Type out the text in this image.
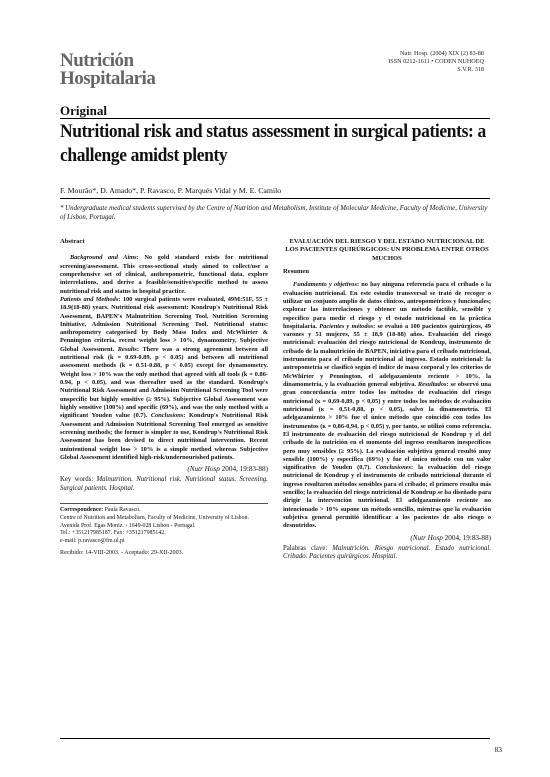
Nutrición
Hospitalaria
Nutr. Hosp. (2004) XIX (2) 83-88
ISSN 0212-1611 • CODEN NUHOEQ
S.V.R. 318
Original
Nutritional risk and status assessment in surgical patients: a challenge amidst plenty
F. Mourão*, D. Amado*, P. Ravasco, P. Marqués Vidal y M. E. Camilo
* Undergraduate medical students supervised by the Centre of Nutrition and Metabolism, Institute of Molecular Medicine, Faculty of Medicine, University of Lisbon, Portugal.

Abstract

Background and Aims: No gold standard exists for nutritional screening/assessment. This cross-sectional study aimed to collect/use a comprehensive set of clinical, anthropometric, functional data, explore interrelations, and derive a feasible/sensitive/specific method to assess nutritional risk and status in hospital practice.

Patients and Methods: 100 surgical patients were evaluated, 49M:51F, 55 ± 18.9(18-88) years. Nutritional risk assessment: Kondrup's Nutritional Risk Assessment, BAPEN's Malnutrition Screening Tool, Nutrition Screening Initiative, Admission Nutritional Screening Tool. Nutritional status: anthropometry categorised by Body Mass Index and McWhirter & Pennington criteria, recent weight loss > 10%, dynamometry, Subjective Global Assessment. Results: There was a strong agreement between all nutritional risk (k = 0.69-0.89, p < 0.05) and between all nutritional assessment methods (k = 0.51-0.88, p < 0.05) except for dynamometry. Weight loss > 10% was the only method that agreed with all tools (k = 0.86-0.94, p < 0.05), and was thereafter used as the standard. Kondrup's Nutritional Risk Assessment and Admission Nutritional Screening Tool were unspecific but highly sensitive (≥ 95%). Subjective Global Assessment was highly sensitive (100%) and specific (69%), and was the only method with a significant Youden value (0.7). Conclusions: Kondrup's Nutritional Risk Assessment and Admission Nutritional Screening Tool emerged as sensitive screening methods; the former is simpler to use, Kondrup's Nutritional Risk Assessment has been devised to direct nutritional intervention. Recent unintentional weight loss > 10% is a simple method whereas Subjective Global Assessment identified high-risk/undernourished patients.

(Nutr Hosp 2004, 19:83-88)

Key words: Malnutrition. Nutritional risk. Nutritional status. Screening. Surgical patients. Hospital.

Correspondence: Paula Ravasco.
Centre of Nutrition and Metabolism, Faculty of Medicine, University of Lisbon.
Avenida Prof. Egas Moniz. - 1649-028 Lisbon - Portugal.
Tel.: +351217985187. Fax: +351217985142.
e-mail: p.ravasco@fm.ul.pt
Recibido: 14-VIII-2003. - Aceptado: 29-XII-2003.

EVALUACIÓN DEL RIESGO Y DEL ESTADO NUTRICIONAL DE LOS PACIENTES QUIRÚRGICOS: UN PROBLEMA ENTRE OTROS MUCHOS

Resumen

Fundamento y objetivos: no hay ninguna referencia para el cribado o la evaluación nutricional. En este estudio transversal se trató de recoger o utilizar un conjunto amplio de datos clínicos, antropométricos y funcionales; explorar las interrelaciones y obtener un método factible, sensible y específico para medir el riesgo y el estado nutricional en la práctica hospitalaria. Pacientes y métodos: se evaluó a 100 pacientes quirúrgicos, 49 varones y 51 mujeres, 55 ± 18,9 (18-88) años. Evaluación del riesgo nutricional: evaluación del riesgo nutricional de Kondrup, instrumento de cribado de la malnutrición de BAPEN, iniciativa para el cribado nutricional, instrumento para el cribado nutricional al ingreso. Estado nutricional: la antropometría se clasificó según el índice de masa corporal y los criterios de McWhirter y Pennington, el adelgazamiento reciente > 10%, la dinamometría, y la evaluación general subjetiva. Resultados: se observó una gran concordancia entre todos los métodos de evaluación del riesgo nutricional (κ = 0,69-0,89, p < 0,05) y entre todos los métodos de evaluación nutricional (κ = 0,51-0,88, p < 0,05), salvo la dinamometría. El adelgazamiento > 10% fue el único método que coincidió con todos los instrumentos (κ = 0,86-0,94, p < 0,05) y, por tanto, se utilizó como referencia. El instrumento de evaluación del riesgo nutricional de Kondrup y el del cribado de la nutrición en el momento del ingreso resultaron inespecíficos pero muy sensibles (≥ 95%). La evaluación subjetiva general resultó muy sensible (100%) y específica (69%) y fue el único método con un valor significativo de Youden (0,7). Conclusiones: la evaluación del riesgo nutricional de Kondrup y el instrumento de cribado nutricional durante el ingreso resultaron métodos sensibles para el cribado; el primero resulta más sencillo; la evaluación del riesgo nutricional de Kondrup se ha diseñado para dirigir la intervención nutricional. El adelgazamiento reciente no intencionado > 10% supone un método sencillo, mientras que la evaluación subjetiva general permitió identificar a los pacientes de alto riesgo o desnutridos.

(Nutr Hosp 2004, 19:83-88)

Palabras clave: Malnutrición. Riesgo nutricional. Estado nutricional. Cribado. Pacientes quirúrgicos. Hospital.

83
